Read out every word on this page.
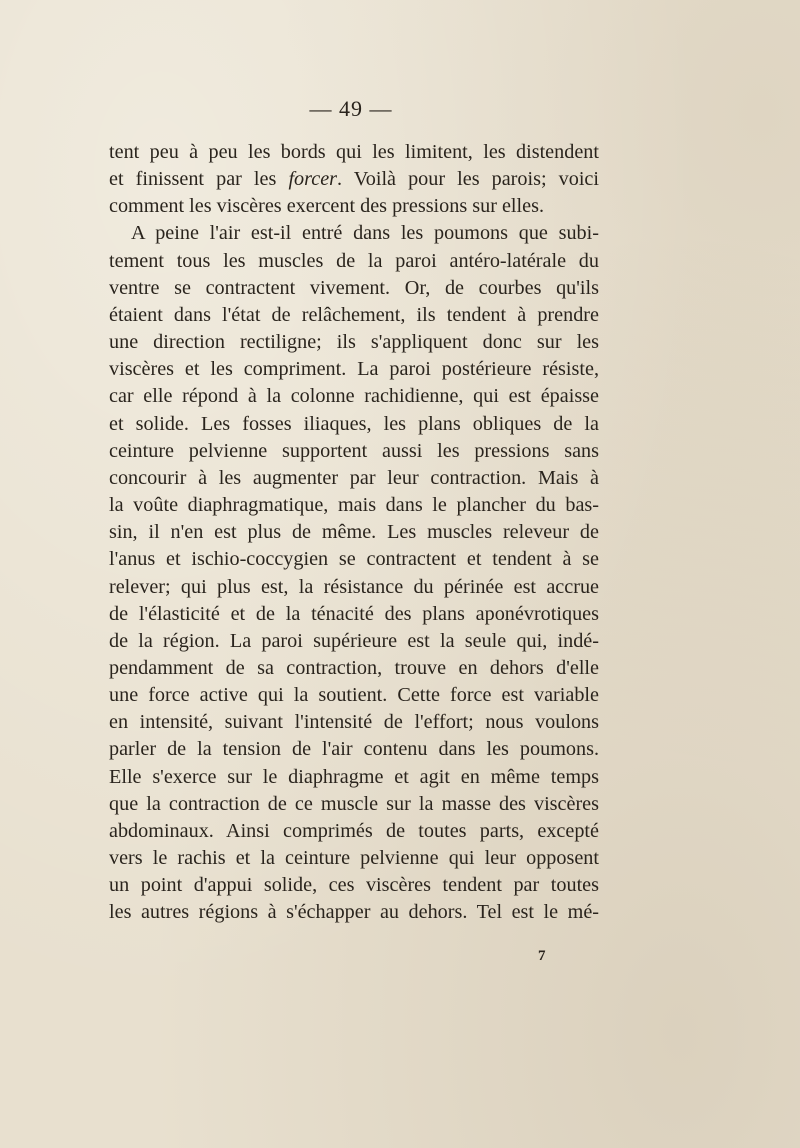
— 49 —
tent peu à peu les bords qui les limitent, les distendent
et finissent par les forcer. Voilà pour les parois; voici
comment les viscères exercent des pressions sur elles.
A peine l'air est-il entré dans les poumons que subi-
tement tous les muscles de la paroi antéro-latérale du
ventre se contractent vivement. Or, de courbes qu'ils
étaient dans l'état de relâchement, ils tendent à prendre
une direction rectiligne; ils s'appliquent donc sur les
viscères et les compriment. La paroi postérieure résiste,
car elle répond à la colonne rachidienne, qui est épaisse
et solide. Les fosses iliaques, les plans obliques de la
ceinture pelvienne supportent aussi les pressions sans
concourir à les augmenter par leur contraction. Mais à
la voûte diaphragmatique, mais dans le plancher du bas-
sin, il n'en est plus de même. Les muscles releveur de
l'anus et ischio-coccygien se contractent et tendent à se
relever; qui plus est, la résistance du périnée est accrue
de l'élasticité et de la ténacité des plans aponévrotiques
de la région. La paroi supérieure est la seule qui, indé-
pendamment de sa contraction, trouve en dehors d'elle
une force active qui la soutient. Cette force est variable
en intensité, suivant l'intensité de l'effort; nous voulons
parler de la tension de l'air contenu dans les poumons.
Elle s'exerce sur le diaphragme et agit en même temps
que la contraction de ce muscle sur la masse des viscères
abdominaux. Ainsi comprimés de toutes parts, excepté
vers le rachis et la ceinture pelvienne qui leur opposent
un point d'appui solide, ces viscères tendent par toutes
les autres régions à s'échapper au dehors. Tel est le mé-
7
